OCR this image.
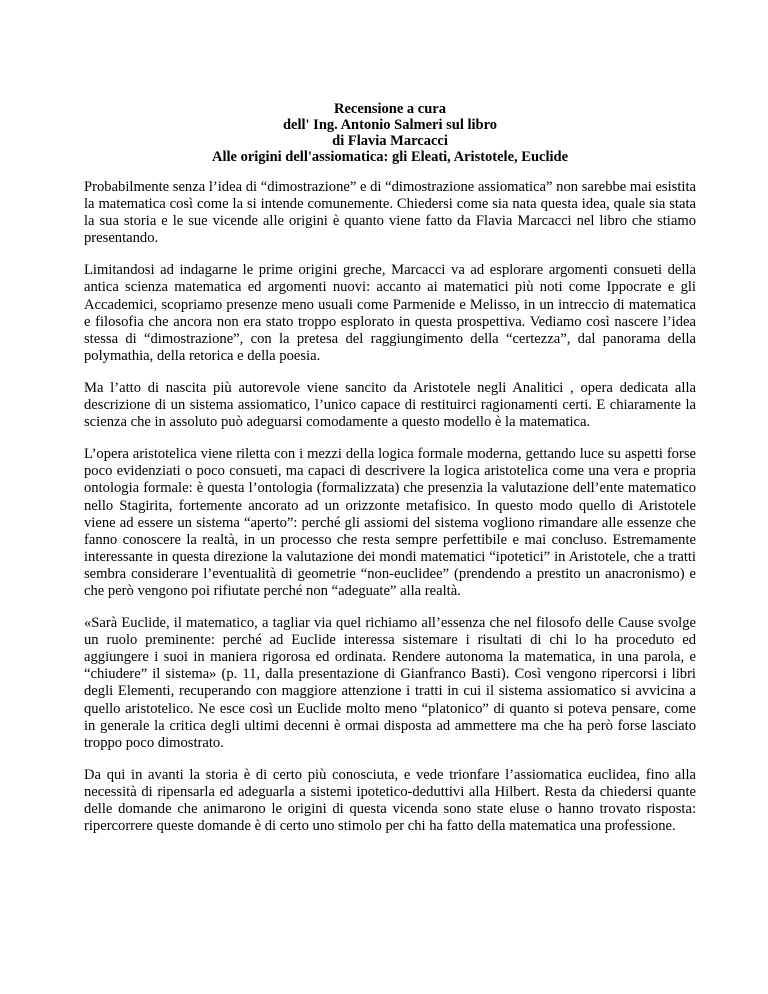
Recensione a cura
dell' Ing. Antonio Salmeri sul libro
di Flavia Marcacci
Alle origini dell'assiomatica: gli Eleati, Aristotele, Euclide

Probabilmente senza l’idea di “dimostrazione” e di “dimostrazione assiomatica” non sarebbe mai esistita la matematica così come la si intende comunemente. Chiedersi come sia nata questa idea, quale sia stata la sua storia e le sue vicende alle origini è quanto viene fatto da Flavia Marcacci nel libro che stiamo presentando.

Limitandosi ad indagarne le prime origini greche, Marcacci va ad esplorare argomenti consueti della antica scienza matematica ed argomenti nuovi: accanto ai matematici più noti come Ippocrate e gli Accademici, scopriamo presenze meno usuali come Parmenide e Melisso, in un intreccio di matematica e filosofia che ancora non era stato troppo esplorato in questa prospettiva. Vediamo così nascere l’idea stessa di “dimostrazione”, con la pretesa del raggiungimento della “certezza”, dal panorama della polymathia, della retorica e della poesia.

Ma l’atto di nascita più autorevole viene sancito da Aristotele negli Analitici , opera dedicata alla descrizione di un sistema assiomatico, l’unico capace di restituirci ragionamenti certi. E chiaramente la scienza che in assoluto può adeguarsi comodamente a questo modello è la matematica.

L’opera aristotelica viene riletta con i mezzi della logica formale moderna, gettando luce su aspetti forse poco evidenziati o poco consueti, ma capaci di descrivere la logica aristotelica come una vera e propria ontologia formale: è questa l’ontologia (formalizzata) che presenzia la valutazione dell’ente matematico nello Stagirita, fortemente ancorato ad un orizzonte metafisico. In questo modo quello di Aristotele viene ad essere un sistema “aperto”: perché gli assiomi del sistema vogliono rimandare alle essenze che fanno conoscere la realtà, in un processo che resta sempre perfettibile e mai concluso. Estremamente interessante in questa direzione la valutazione dei mondi matematici “ipotetici” in Aristotele, che a tratti sembra considerare l’eventualità di geometrie “non-euclidee” (prendendo a prestito un anacronismo) e che però vengono poi rifiutate perché non “adeguate” alla realtà.

«Sarà Euclide, il matematico, a tagliar via quel richiamo all’essenza che nel filosofo delle Cause svolge un ruolo preminente: perché ad Euclide interessa sistemare i risultati di chi lo ha proceduto ed aggiungere i suoi in maniera rigorosa ed ordinata. Rendere autonoma la matematica, in una parola, e “chiudere” il sistema» (p. 11, dalla presentazione di Gianfranco Basti). Così vengono ripercorsi i libri degli Elementi, recuperando con maggiore attenzione i tratti in cui il sistema assiomatico si avvicina a quello aristotelico. Ne esce così un Euclide molto meno “platonico” di quanto si poteva pensare, come in generale la critica degli ultimi decenni è ormai disposta ad ammettere ma che ha però forse lasciato troppo poco dimostrato.

Da qui in avanti la storia è di certo più conosciuta, e vede trionfare l’assiomatica euclidea, fino alla necessità di ripensarla ed adeguarla a sistemi ipotetico-deduttivi alla Hilbert. Resta da chiedersi quante delle domande che animarono le origini di questa vicenda sono state eluse o hanno trovato risposta: ripercorrere queste domande è di certo uno stimolo per chi ha fatto della matematica una professione.
